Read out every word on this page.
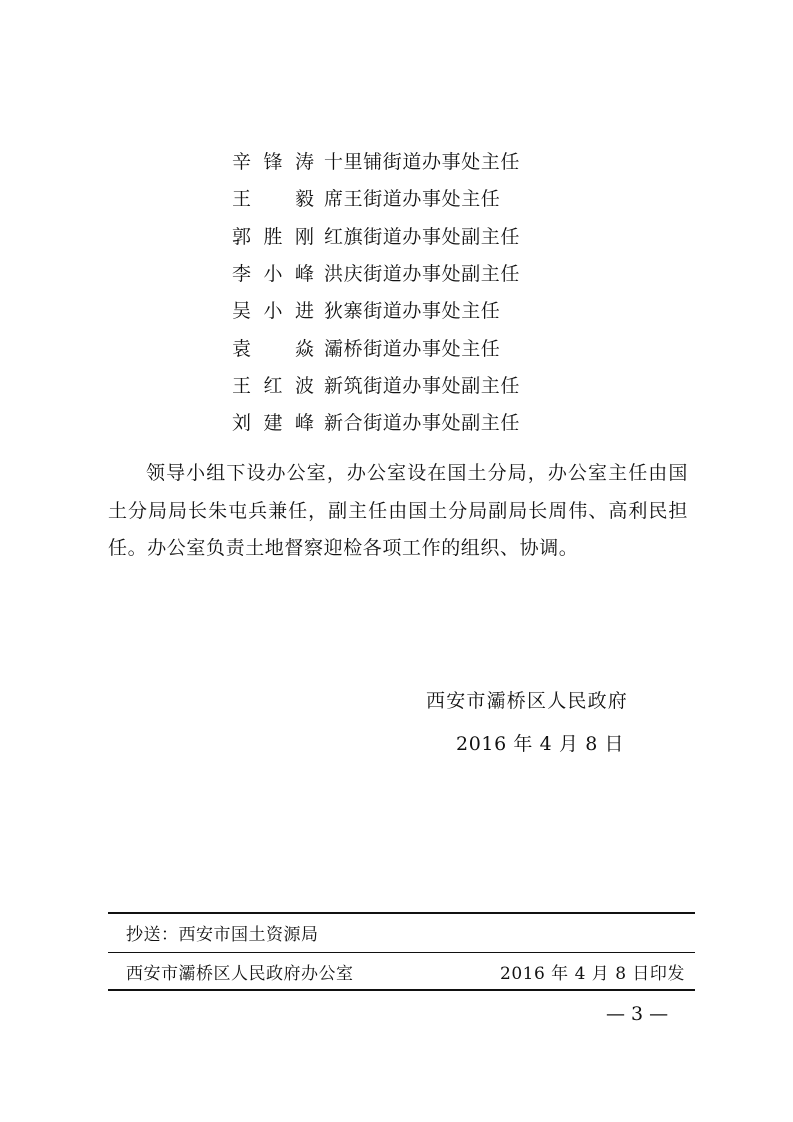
辛锋涛 十里铺街道办事处主任
王　毅 席王街道办事处主任
郭胜刚 红旗街道办事处副主任
李小峰 洪庆街道办事处副主任
吴小进 狄寨街道办事处主任
袁　焱 灞桥街道办事处主任
王红波 新筑街道办事处副主任
刘建峰 新合街道办事处副主任

领导小组下设办公室，办公室设在国土分局，办公室主任由国土分局局长朱屯兵兼任，副主任由国土分局副局长周伟、高利民担任。办公室负责土地督察迎检各项工作的组织、协调。

西安市灞桥区人民政府
2016 年 4 月 8 日
抄送：西安市国土资源局
西安市灞桥区人民政府办公室	2016 年 4 月 8 日印发
— 3 —
